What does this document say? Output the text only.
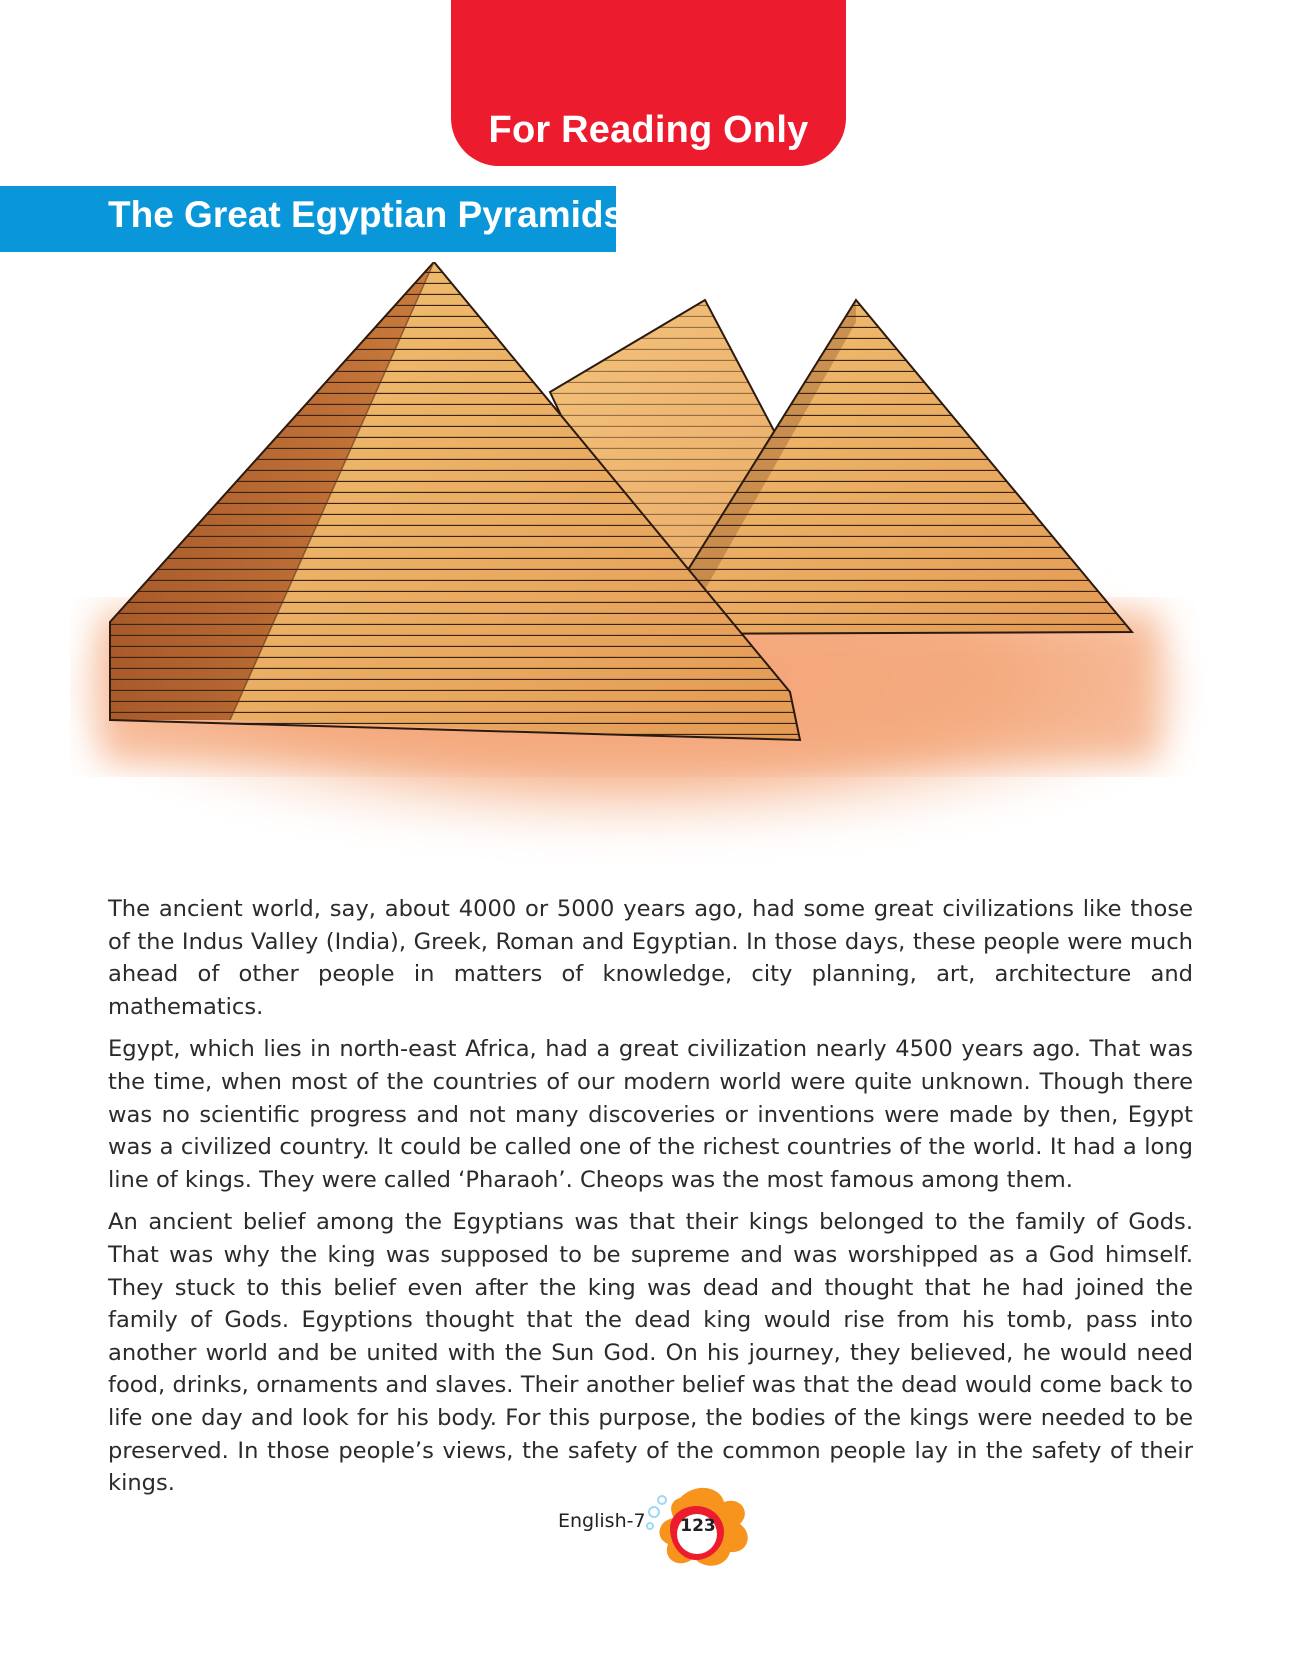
For Reading Only
The Great Egyptian Pyramids

The ancient world, say, about 4000 or 5000 years ago, had some great civilizations like those of the Indus Valley (India), Greek, Roman and Egyptian. In those days, these people were much ahead of other people in matters of knowledge, city planning, art, architecture and mathematics.

Egypt, which lies in north-east Africa, had a great civilization nearly 4500 years ago. That was the time, when most of the countries of our modern world were quite unknown. Though there was no scientific progress and not many discoveries or inventions were made by then, Egypt was a civilized country. It could be called one of the richest countries of the world. It had a long line of kings. They were called ‘Pharaoh’. Cheops was the most famous among them.

An ancient belief among the Egyptians was that their kings belonged to the family of Gods. That was why the king was supposed to be supreme and was worshipped as a God himself. They stuck to this belief even after the king was dead and thought that he had joined the family of Gods. Egyptions thought that the dead king would rise from his tomb, pass into another world and be united with the Sun God. On his journey, they believed, he would need food, drinks, ornaments and slaves. Their another belief was that the dead would come back to life one day and look for his body. For this purpose, the bodies of the kings were needed to be preserved. In those people’s views, the safety of the common people lay in the safety of their kings.

English-7	123
